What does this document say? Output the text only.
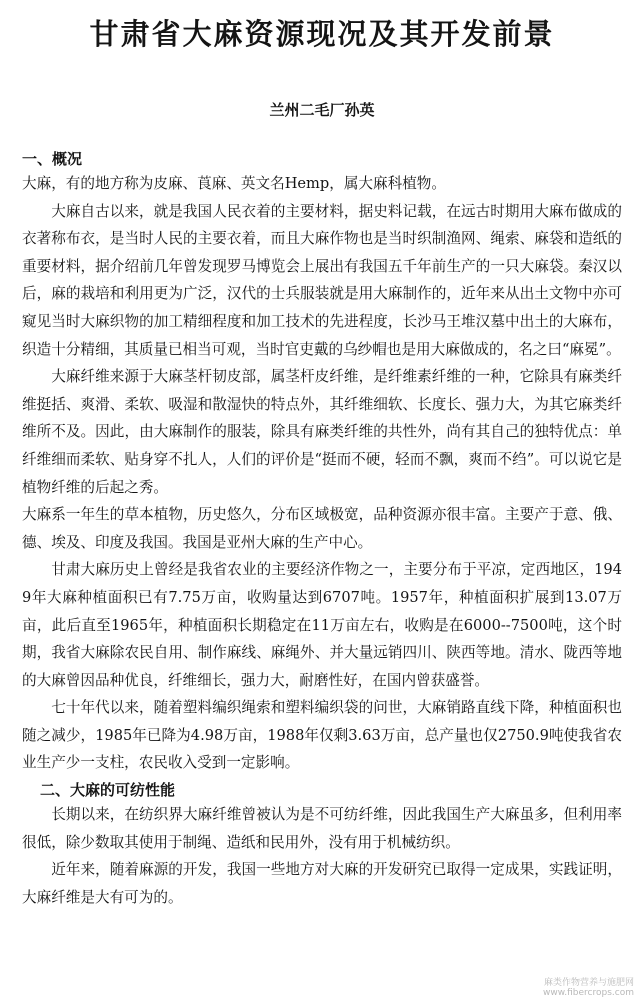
甘肃省大麻资源现况及其开发前景
兰州二毛厂孙英
一、概况

大麻，有的地方称为皮麻、莨麻、英文名Hemp，属大麻科植物。

大麻自古以来，就是我国人民衣着的主要材料，据史料记载，在远古时期用大麻布做成的衣著称布衣，是当时人民的主要衣着，而且大麻作物也是当时织制渔网、绳索、麻袋和造纸的重要材料，据介绍前几年曾发现罗马博览会上展出有我国五千年前生产的一只大麻袋。秦汉以后，麻的栽培和利用更为广泛，汉代的士兵服装就是用大麻制作的，近年来从出土文物中亦可窥见当时大麻织物的加工精细程度和加工技术的先进程度，长沙马王堆汉墓中出土的大麻布，织造十分精细，其质量已相当可观，当时官吏戴的乌纱帽也是用大麻做成的，名之曰“麻冕”。

大麻纤维来源于大麻茎杆韧皮部，属茎杆皮纤维，是纤维素纤维的一种，它除具有麻类纤维挺括、爽滑、柔软、吸湿和散湿快的特点外，其纤维细软、长度长、强力大，为其它麻类纤维所不及。因此，由大麻制作的服装，除具有麻类纤维的共性外，尚有其自己的独特优点：单纤维细而柔软、贴身穿不扎人，人们的评价是“挺而不硬，轻而不飘，爽而不绉”。可以说它是植物纤维的后起之秀。

大麻系一年生的草本植物，历史悠久，分布区域极宽，品种资源亦很丰富。主要产于意、俄、德、埃及、印度及我国。我国是亚州大麻的生产中心。

甘肃大麻历史上曾经是我省农业的主要经济作物之一，主要分布于平凉，定西地区，1949年大麻种植面积已有7.75万亩，收购量达到6707吨。1957年，种植面积扩展到13.07万亩，此后直至1965年，种植面积长期稳定在11万亩左右，收购是在6000--7500吨，这个时期，我省大麻除农民自用、制作麻线、麻绳外、并大量远销四川、陕西等地。清水、陇西等地的大麻曾因品种优良，纤维细长，强力大，耐磨性好，在国内曾获盛誉。

七十年代以来，随着塑料编织绳索和塑料编织袋的问世，大麻销路直线下降，种植面积也随之减少，1985年已降为4.98万亩，1988年仅剩3.63万亩，总产量也仅2750.9吨使我省农业生产少一支柱，农民收入受到一定影响。

二、大麻的可纺性能

长期以来，在纺织界大麻纤维曾被认为是不可纺纤维，因此我国生产大麻虽多，但利用率很低，除少数取其使用于制绳、造纸和民用外，没有用于机械纺织。

近年来，随着麻源的开发，我国一些地方对大麻的开发研究已取得一定成果，实践证明，大麻纤维是大有可为的。

麻类作物营养与施肥网
www.fibercrops.com
